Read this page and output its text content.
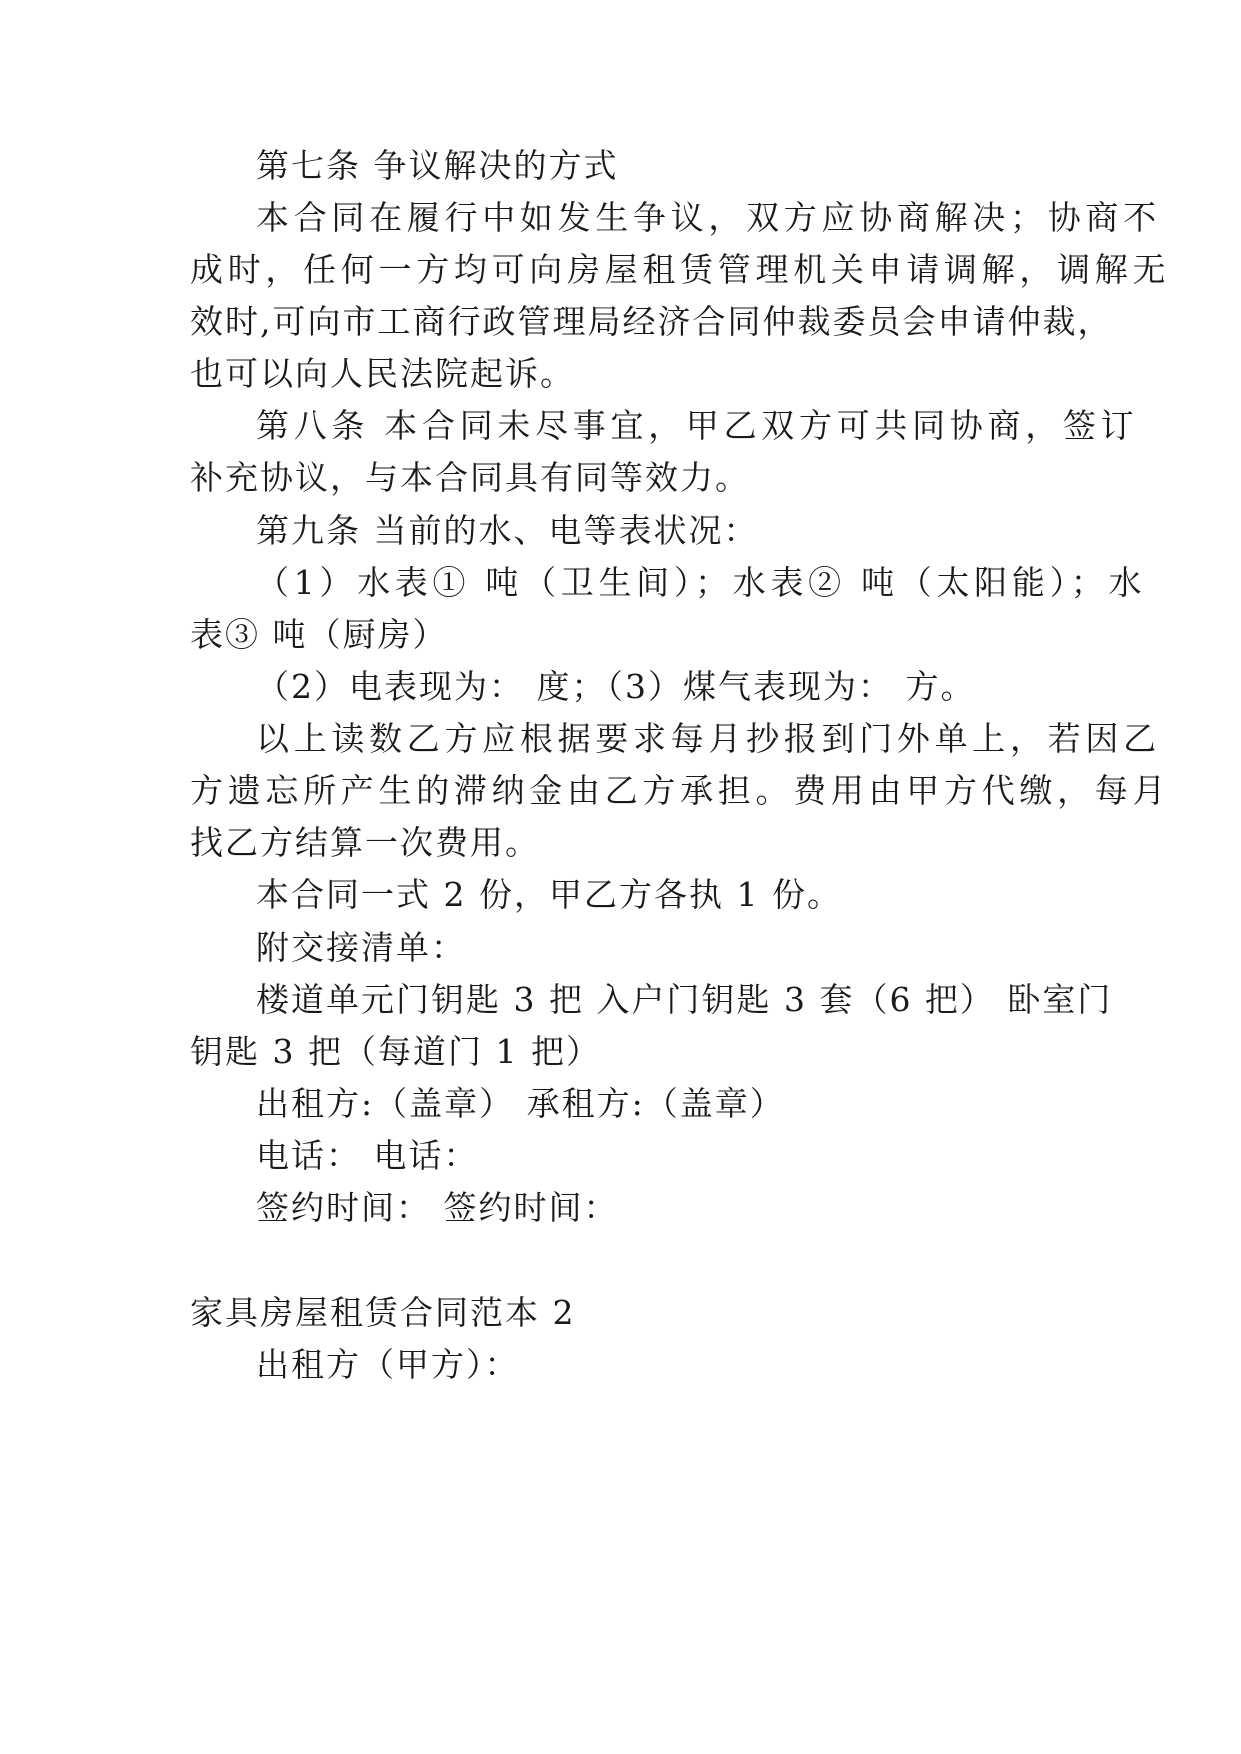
第七条 争议解决的方式
本合同在履行中如发生争议，双方应协商解决；协商不
成时，任何一方均可向房屋租赁管理机关申请调解，调解无
效时,可向市工商行政管理局经济合同仲裁委员会申请仲裁，
也可以向人民法院起诉。
第八条 本合同未尽事宜，甲乙双方可共同协商，签订
补充协议，与本合同具有同等效力。
第九条 当前的水、电等表状况：
（1）水表① 吨（卫生间）；水表② 吨（太阳能）；水
表③ 吨（厨房）
（2）电表现为： 度；（3）煤气表现为： 方。
以上读数乙方应根据要求每月抄报到门外单上，若因乙
方遗忘所产生的滞纳金由乙方承担。费用由甲方代缴，每月
找乙方结算一次费用。
本合同一式 2 份，甲乙方各执 1 份。
附交接清单：
楼道单元门钥匙 3 把 入户门钥匙 3 套（6 把） 卧室门
钥匙 3 把（每道门 1 把）
出租方:（盖章） 承租方:（盖章）
电话： 电话：
签约时间： 签约时间：
家具房屋租赁合同范本 2
出租方（甲方）：
